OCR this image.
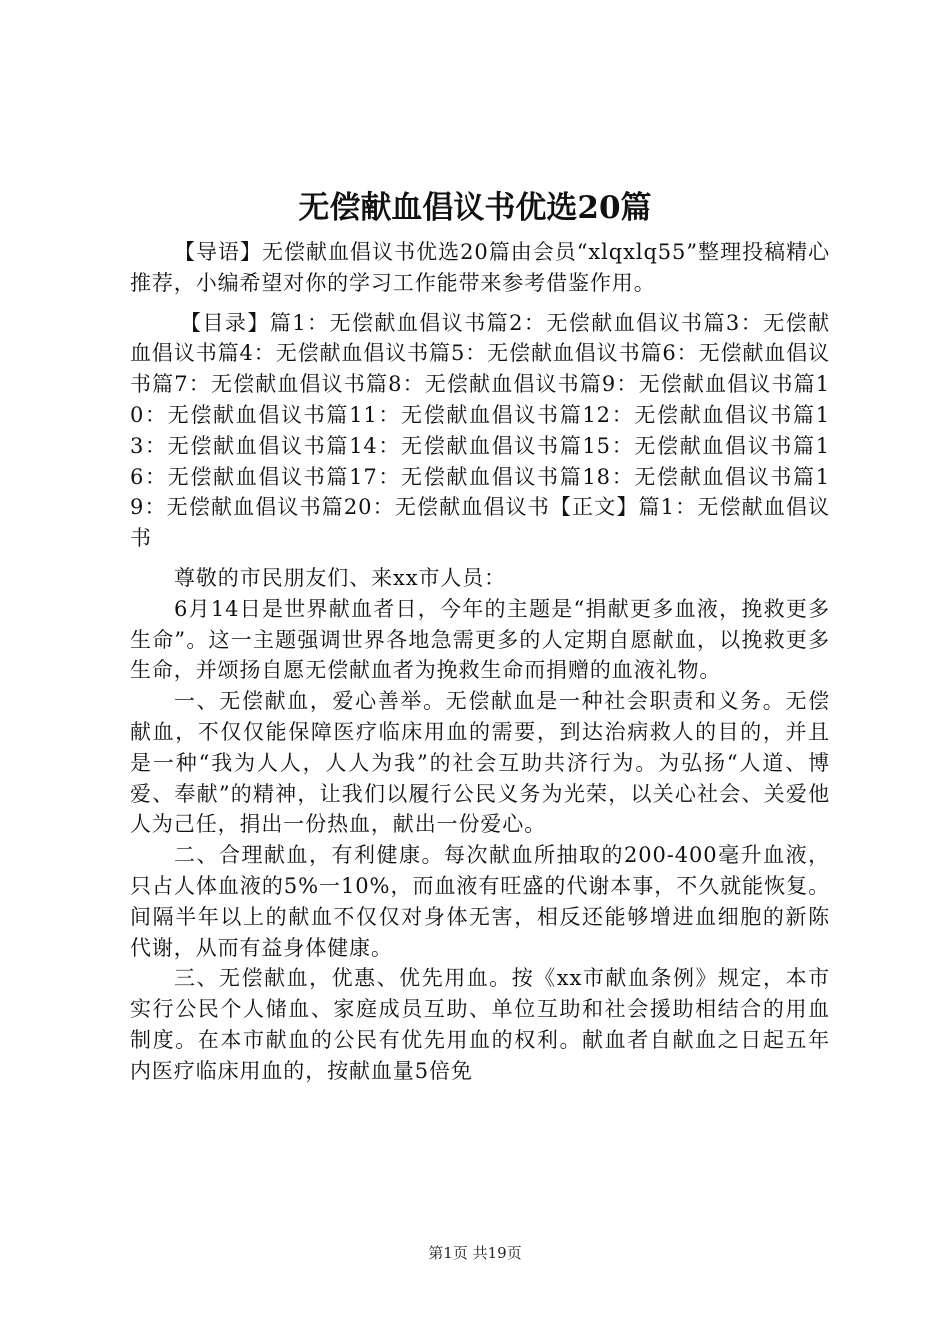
无偿献血倡议书优选20篇

【导语】无偿献血倡议书优选20篇由会员“xlqxlq55”整理投稿精心推荐，小编希望对你的学习工作能带来参考借鉴作用。

【目录】篇1：无偿献血倡议书篇2：无偿献血倡议书篇3：无偿献血倡议书篇4：无偿献血倡议书篇5：无偿献血倡议书篇6：无偿献血倡议书篇7：无偿献血倡议书篇8：无偿献血倡议书篇9：无偿献血倡议书篇10：无偿献血倡议书篇11：无偿献血倡议书篇12：无偿献血倡议书篇13：无偿献血倡议书篇14：无偿献血倡议书篇15：无偿献血倡议书篇16：无偿献血倡议书篇17：无偿献血倡议书篇18：无偿献血倡议书篇19：无偿献血倡议书篇20：无偿献血倡议书【正文】篇1：无偿献血倡议书

尊敬的市民朋友们、来xx市人员：

6月14日是世界献血者日，今年的主题是“捐献更多血液，挽救更多生命”。这一主题强调世界各地急需更多的人定期自愿献血，以挽救更多生命，并颂扬自愿无偿献血者为挽救生命而捐赠的血液礼物。

一、无偿献血，爱心善举。无偿献血是一种社会职责和义务。无偿献血，不仅仅能保障医疗临床用血的需要，到达治病救人的目的，并且是一种“我为人人，人人为我”的社会互助共济行为。为弘扬“人道、博爱、奉献”的精神，让我们以履行公民义务为光荣，以关心社会、关爱他人为己任，捐出一份热血，献出一份爱心。

二、合理献血，有利健康。每次献血所抽取的200-400毫升血液，只占人体血液的5%一10%，而血液有旺盛的代谢本事，不久就能恢复。间隔半年以上的献血不仅仅对身体无害，相反还能够增进血细胞的新陈代谢，从而有益身体健康。

三、无偿献血，优惠、优先用血。按《xx市献血条例》规定，本市实行公民个人储血、家庭成员互助、单位互助和社会援助相结合的用血制度。在本市献血的公民有优先用血的权利。献血者自献血之日起五年内医疗临床用血的，按献血量5倍免

第1页 共19页
